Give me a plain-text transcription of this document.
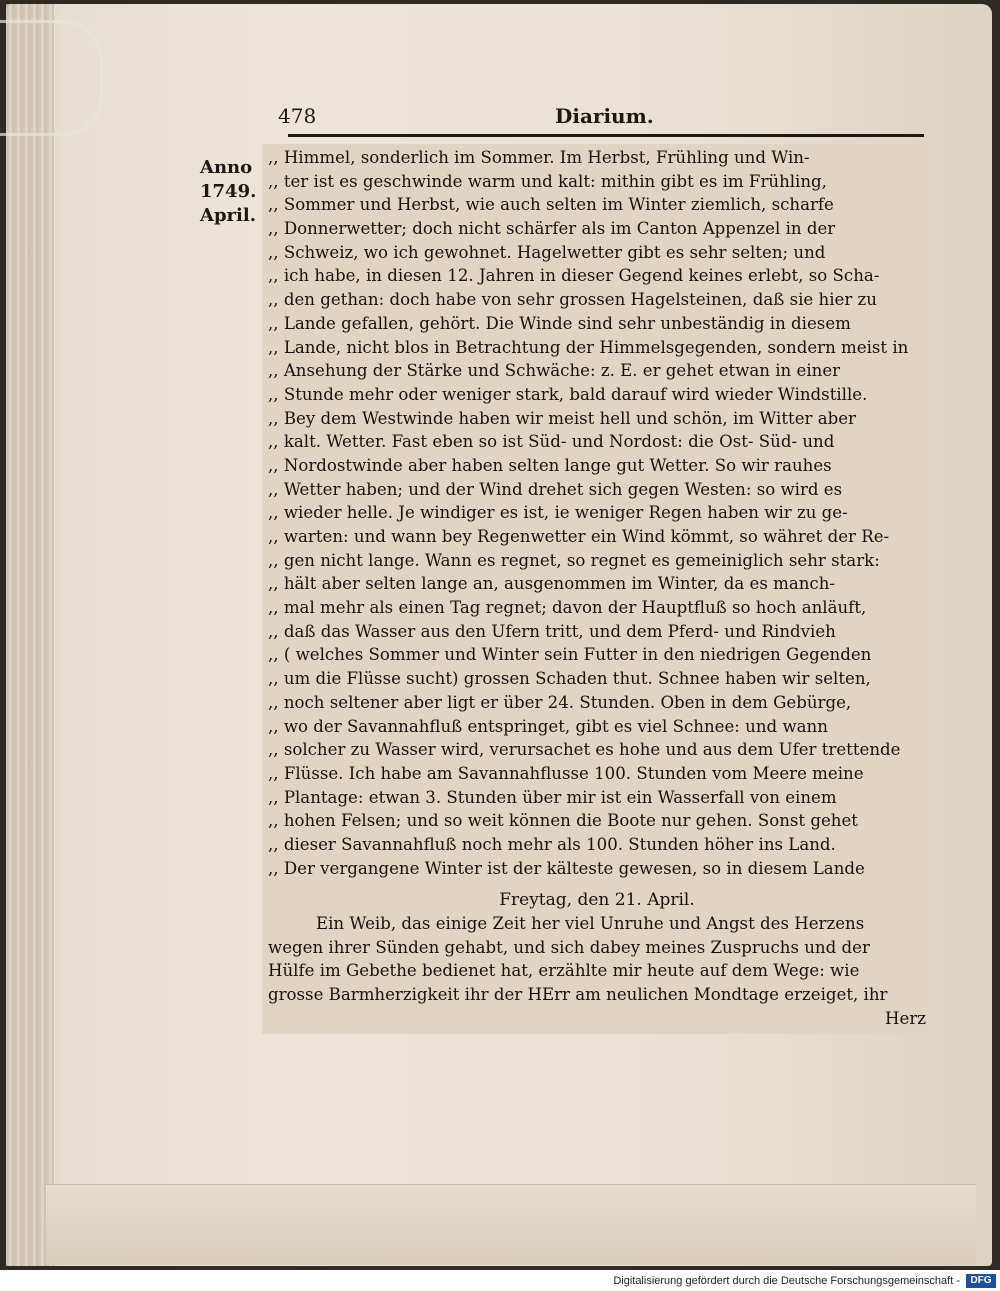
478	Diarium.
Anno
1749.
April.
,, Himmel, sonderlich im Sommer. Im Herbst, Frühling und Win-
,, ter ist es geschwinde warm und kalt: mithin gibt es im Frühling,
,, Sommer und Herbst, wie auch selten im Winter ziemlich, scharfe
,, Donnerwetter; doch nicht schärfer als im Canton Appenzel in der
,, Schweiz, wo ich gewohnet. Hagelwetter gibt es sehr selten; und
,, ich habe, in diesen 12. Jahren in dieser Gegend keines erlebt, so Scha-
,, den gethan: doch habe von sehr grossen Hagelsteinen, daß sie hier zu
,, Lande gefallen, gehört. Die Winde sind sehr unbeständig in diesem
,, Lande, nicht blos in Betrachtung der Himmelsgegenden, sondern meist in
,, Ansehung der Stärke und Schwäche: z. E. er gehet etwan in einer
,, Stunde mehr oder weniger stark, bald darauf wird wieder Windstille.
,, Bey dem Westwinde haben wir meist hell und schön, im Witter aber
,, kalt. Wetter. Fast eben so ist Süd- und Nordost: die Ost- Süd- und
,, Nordostwinde aber haben selten lange gut Wetter. So wir rauhes
,, Wetter haben; und der Wind drehet sich gegen Westen: so wird es
,, wieder helle. Je windiger es ist, ie weniger Regen haben wir zu ge-
,, warten: und wann bey Regenwetter ein Wind kömmt, so währet der Re-
,, gen nicht lange. Wann es regnet, so regnet es gemeiniglich sehr stark:
,, hält aber selten lange an, ausgenommen im Winter, da es manch-
,, mal mehr als einen Tag regnet; davon der Hauptfluß so hoch anläuft,
,, daß das Wasser aus den Ufern tritt, und dem Pferd- und Rindvieh
,, ( welches Sommer und Winter sein Futter in den niedrigen Gegenden
,, um die Flüsse sucht) grossen Schaden thut. Schnee haben wir selten,
,, noch seltener aber ligt er über 24. Stunden. Oben in dem Gebürge,
,, wo der Savannahfluß entspringet, gibt es viel Schnee: und wann
,, solcher zu Wasser wird, verursachet es hohe und aus dem Ufer trettende
,, Flüsse. Ich habe am Savannahflusse 100. Stunden vom Meere meine
,, Plantage: etwan 3. Stunden über mir ist ein Wasserfall von einem
,, hohen Felsen; und so weit können die Boote nur gehen. Sonst gehet
,, dieser Savannahfluß noch mehr als 100. Stunden höher ins Land.
,, Der vergangene Winter ist der kälteste gewesen, so in diesem Lande
Freytag, den 21. April.
Ein Weib, das einige Zeit her viel Unruhe und Angst des Herzens
wegen ihrer Sünden gehabt, und sich dabey meines Zuspruchs und der
Hülfe im Gebethe bedienet hat, erzählte mir heute auf dem Wege: wie
grosse Barmherzigkeit ihr der HErr am neulichen Mondtage erzeiget, ihr
Herz
Digitalisierung gefördert durch die Deutsche Forschungsgemeinschaft -	DFG
